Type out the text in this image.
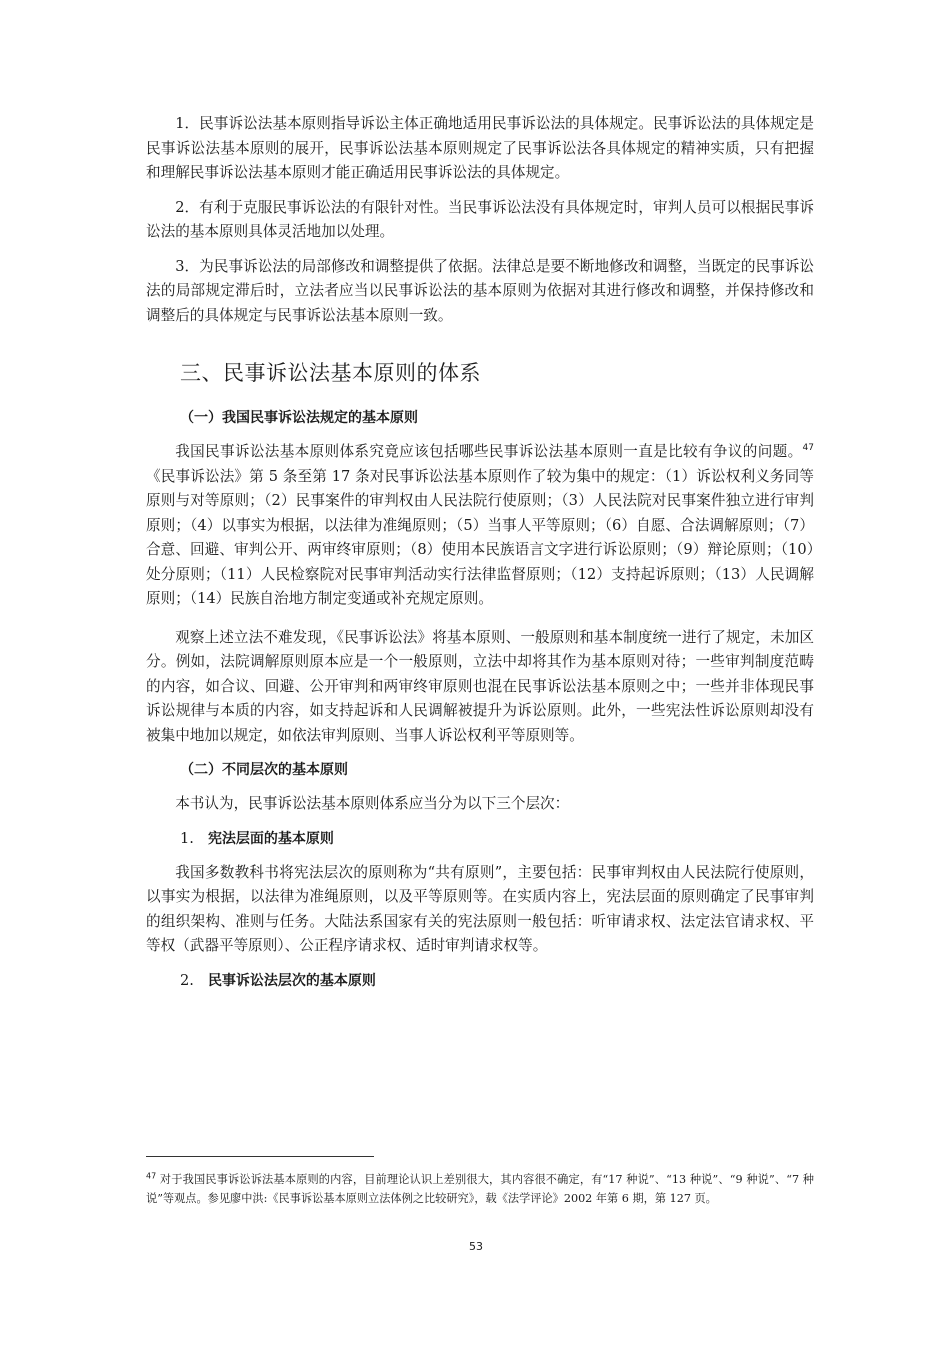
1．民事诉讼法基本原则指导诉讼主体正确地适用民事诉讼法的具体规定。民事诉讼法的具体规定是民事诉讼法基本原则的展开，民事诉讼法基本原则规定了民事诉讼法各具体规定的精神实质，只有把握和理解民事诉讼法基本原则才能正确适用民事诉讼法的具体规定。

2．有利于克服民事诉讼法的有限针对性。当民事诉讼法没有具体规定时，审判人员可以根据民事诉讼法的基本原则具体灵活地加以处理。

3．为民事诉讼法的局部修改和调整提供了依据。法律总是要不断地修改和调整，当既定的民事诉讼法的局部规定滞后时，立法者应当以民事诉讼法的基本原则为依据对其进行修改和调整，并保持修改和调整后的具体规定与民事诉讼法基本原则一致。

三、民事诉讼法基本原则的体系
（一）我国民事诉讼法规定的基本原则

我国民事诉讼法基本原则体系究竟应该包括哪些民事诉讼法基本原则一直是比较有争议的问题。$^{47}$《民事诉讼法》第 5 条至第 17 条对民事诉讼法基本原则作了较为集中的规定：（1）诉讼权利义务同等原则与对等原则；（2）民事案件的审判权由人民法院行使原则；（3）人民法院对民事案件独立进行审判原则；（4）以事实为根据，以法律为准绳原则；（5）当事人平等原则；（6）自愿、合法调解原则；（7）合意、回避、审判公开、两审终审原则；（8）使用本民族语言文字进行诉讼原则；（9）辩论原则；（10）处分原则；（11）人民检察院对民事审判活动实行法律监督原则；（12）支持起诉原则；（13）人民调解原则；（14）民族自治地方制定变通或补充规定原则。

观察上述立法不难发现，《民事诉讼法》将基本原则、一般原则和基本制度统一进行了规定，未加区分。例如，法院调解原则原本应是一个一般原则，立法中却将其作为基本原则对待；一些审判制度范畴的内容，如合议、回避、公开审判和两审终审原则也混在民事诉讼法基本原则之中；一些并非体现民事诉讼规律与本质的内容，如支持起诉和人民调解被提升为诉讼原则。此外，一些宪法性诉讼原则却没有被集中地加以规定，如依法审判原则、当事人诉讼权利平等原则等。

（二）不同层次的基本原则

本书认为，民事诉讼法基本原则体系应当分为以下三个层次：

1. 宪法层面的基本原则

我国多数教科书将宪法层次的原则称为“共有原则”，主要包括：民事审判权由人民法院行使原则，以事实为根据，以法律为准绳原则，以及平等原则等。在实质内容上，宪法层面的原则确定了民事审判的组织架构、准则与任务。大陆法系国家有关的宪法原则一般包括：听审请求权、法定法官请求权、平等权（武器平等原则）、公正程序请求权、适时审判请求权等。

2. 民事诉讼法层次的基本原则
$^{47}$ 对于我国民事诉讼诉法基本原则的内容，目前理论认识上差别很大，其内容很不确定，有“17 种说”、“13 种说”、“9 种说”、“7 种说”等观点。参见廖中洪:《民事诉讼基本原则立法体例之比较研究》，载《法学评论》2002 年第 6 期，第 127 页。
53
